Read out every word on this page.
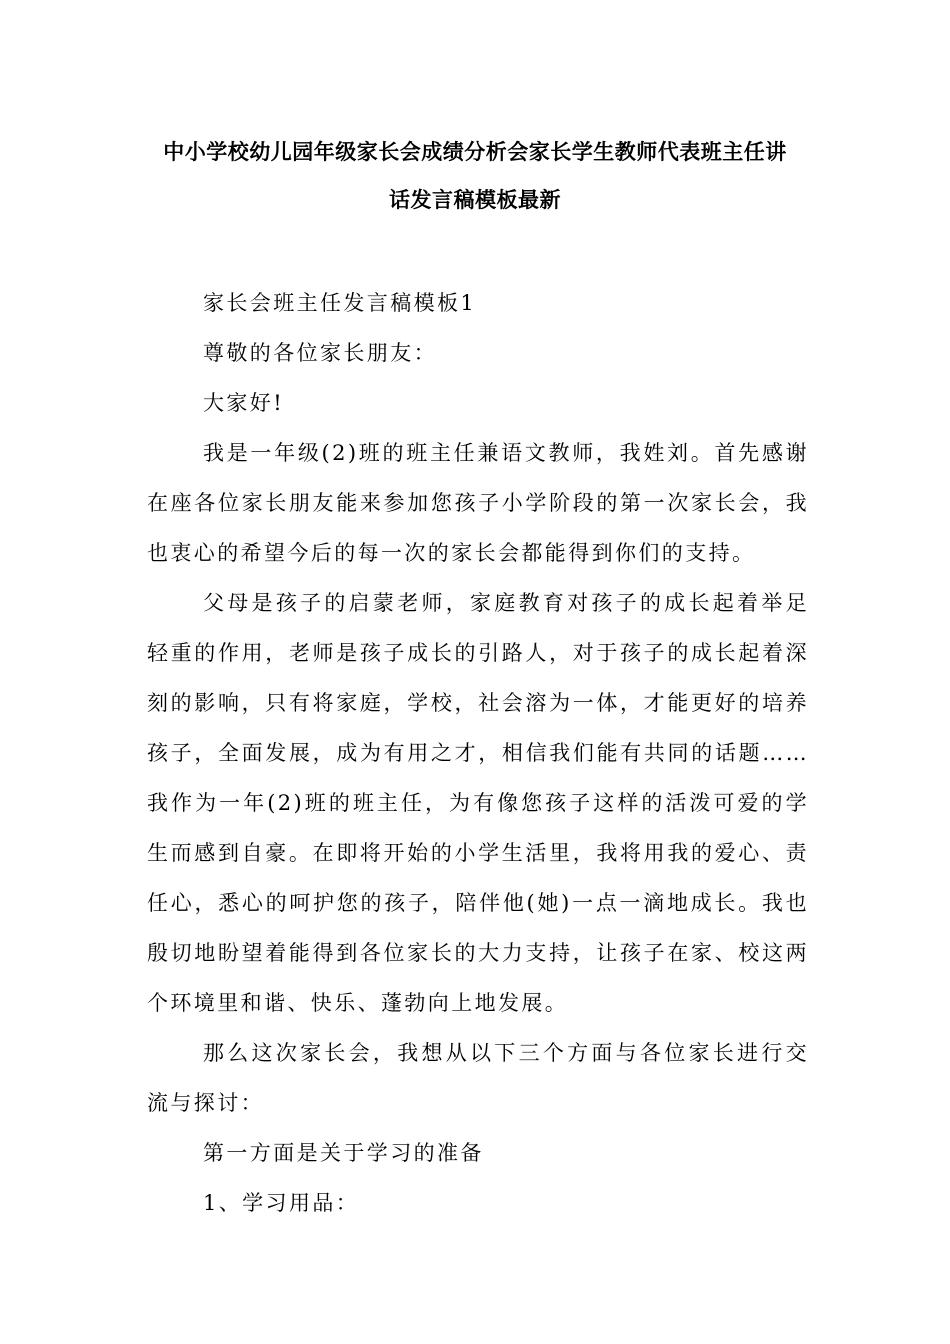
中小学校幼儿园年级家长会成绩分析会家长学生教师代表班主任讲
话发言稿模板最新

家长会班主任发言稿模板1

尊敬的各位家长朋友：

大家好!

我是一年级(2)班的班主任兼语文教师，我姓刘。首先感谢在座各位家长朋友能来参加您孩子小学阶段的第一次家长会，我也衷心的希望今后的每一次的家长会都能得到你们的支持。

父母是孩子的启蒙老师，家庭教育对孩子的成长起着举足轻重的作用，老师是孩子成长的引路人，对于孩子的成长起着深刻的影响，只有将家庭，学校，社会溶为一体，才能更好的培养孩子，全面发展，成为有用之才，相信我们能有共同的话题……我作为一年(2)班的班主任，为有像您孩子这样的活泼可爱的学生而感到自豪。在即将开始的小学生活里，我将用我的爱心、责任心，悉心的呵护您的孩子，陪伴他(她)一点一滴地成长。我也殷切地盼望着能得到各位家长的大力支持，让孩子在家、校这两个环境里和谐、快乐、蓬勃向上地发展。

那么这次家长会，我想从以下三个方面与各位家长进行交流与探讨：

第一方面是关于学习的准备

1、学习用品：
